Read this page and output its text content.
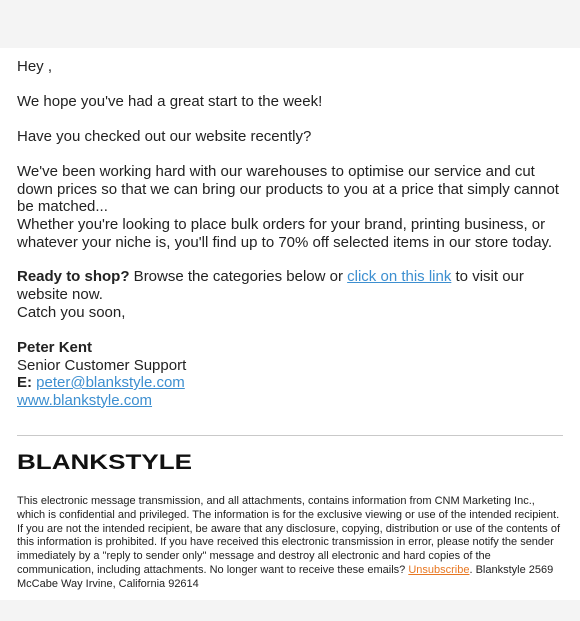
Hey ,

We hope you've had a great start to the week!

Have you checked out our website recently?

We've been working hard with our warehouses to optimise our service and cut down prices so that we can bring our products to you at a price that simply cannot be matched...

Whether you're looking to place bulk orders for your brand, printing business, or whatever your niche is, you'll find up to 70% off selected items in our store today.

Ready to shop? Browse the categories below or click on this link to visit our website now.

Catch you soon,

Peter Kent
Senior Customer Support
E: peter@blankstyle.com
www.blankstyle.com
BLANKSTYLE
This electronic message transmission, and all attachments, contains information from CNM Marketing Inc., which is confidential and privileged. The information is for the exclusive viewing or use of the intended recipient. If you are not the intended recipient, be aware that any disclosure, copying, distribution or use of the contents of this information is prohibited. If you have received this electronic transmission in error, please notify the sender immediately by a "reply to sender only" message and destroy all electronic and hard copies of the communication, including attachments. No longer want to receive these emails? Unsubscribe. Blankstyle 2569 McCabe Way Irvine, California 92614
